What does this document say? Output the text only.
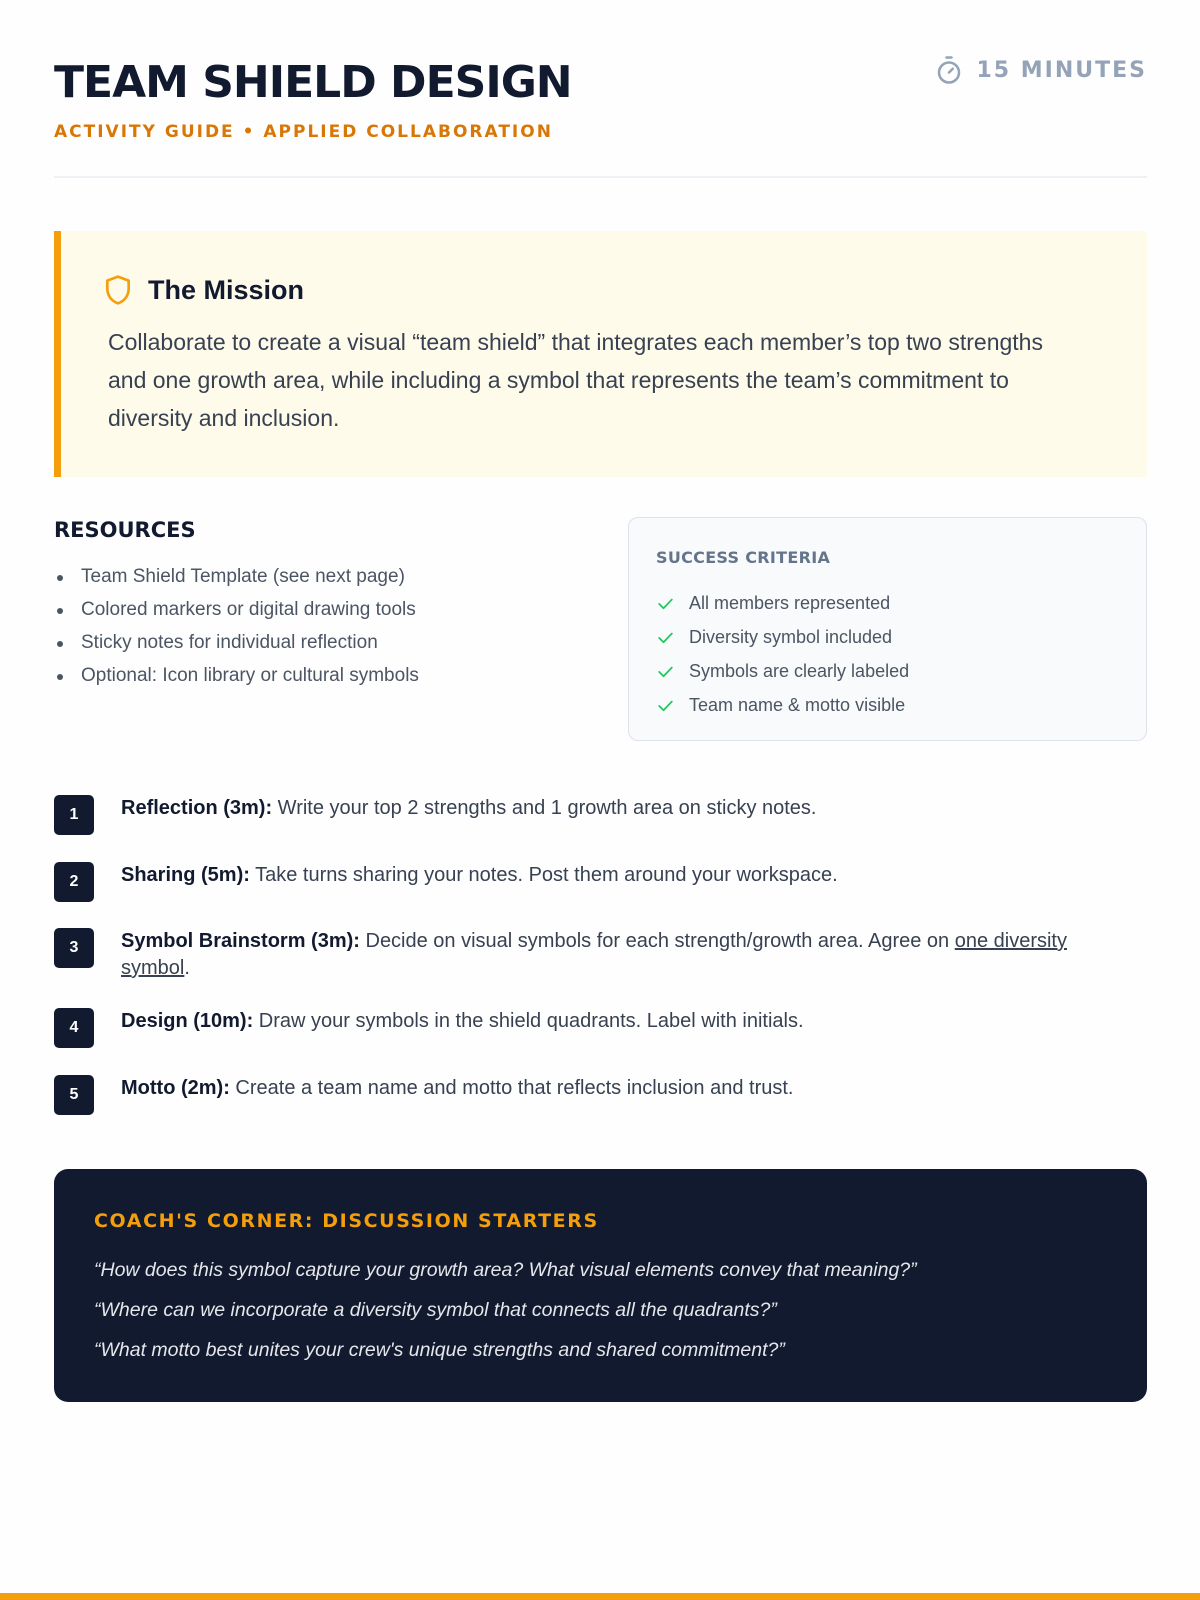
TEAM SHIELD DESIGN
ACTIVITY GUIDE • APPLIED COLLABORATION
15 MINUTES
The Mission

Collaborate to create a visual “team shield” that integrates each member’s top two strengths and one growth area, while including a symbol that represents the team’s commitment to diversity and inclusion.

RESOURCES
Team Shield Template (see next page)
Colored markers or digital drawing tools
Sticky notes for individual reflection
Optional: Icon library or cultural symbols
SUCCESS CRITERIA
All members represented
Diversity symbol included
Symbols are clearly labeled
Team name & motto visible
1	Reflection (3m): Write your top 2 strengths and 1 growth area on sticky notes.
2	Sharing (5m): Take turns sharing your notes. Post them around your workspace.
3	Symbol Brainstorm (3m): Decide on visual symbols for each strength/growth area. Agree on one diversity symbol.
4	Design (10m): Draw your symbols in the shield quadrants. Label with initials.
5	Motto (2m): Create a team name and motto that reflects inclusion and trust.
COACH'S CORNER: DISCUSSION STARTERS
“How does this symbol capture your growth area? What visual elements convey that meaning?”
“Where can we incorporate a diversity symbol that connects all the quadrants?”
“What motto best unites your crew's unique strengths and shared commitment?”
